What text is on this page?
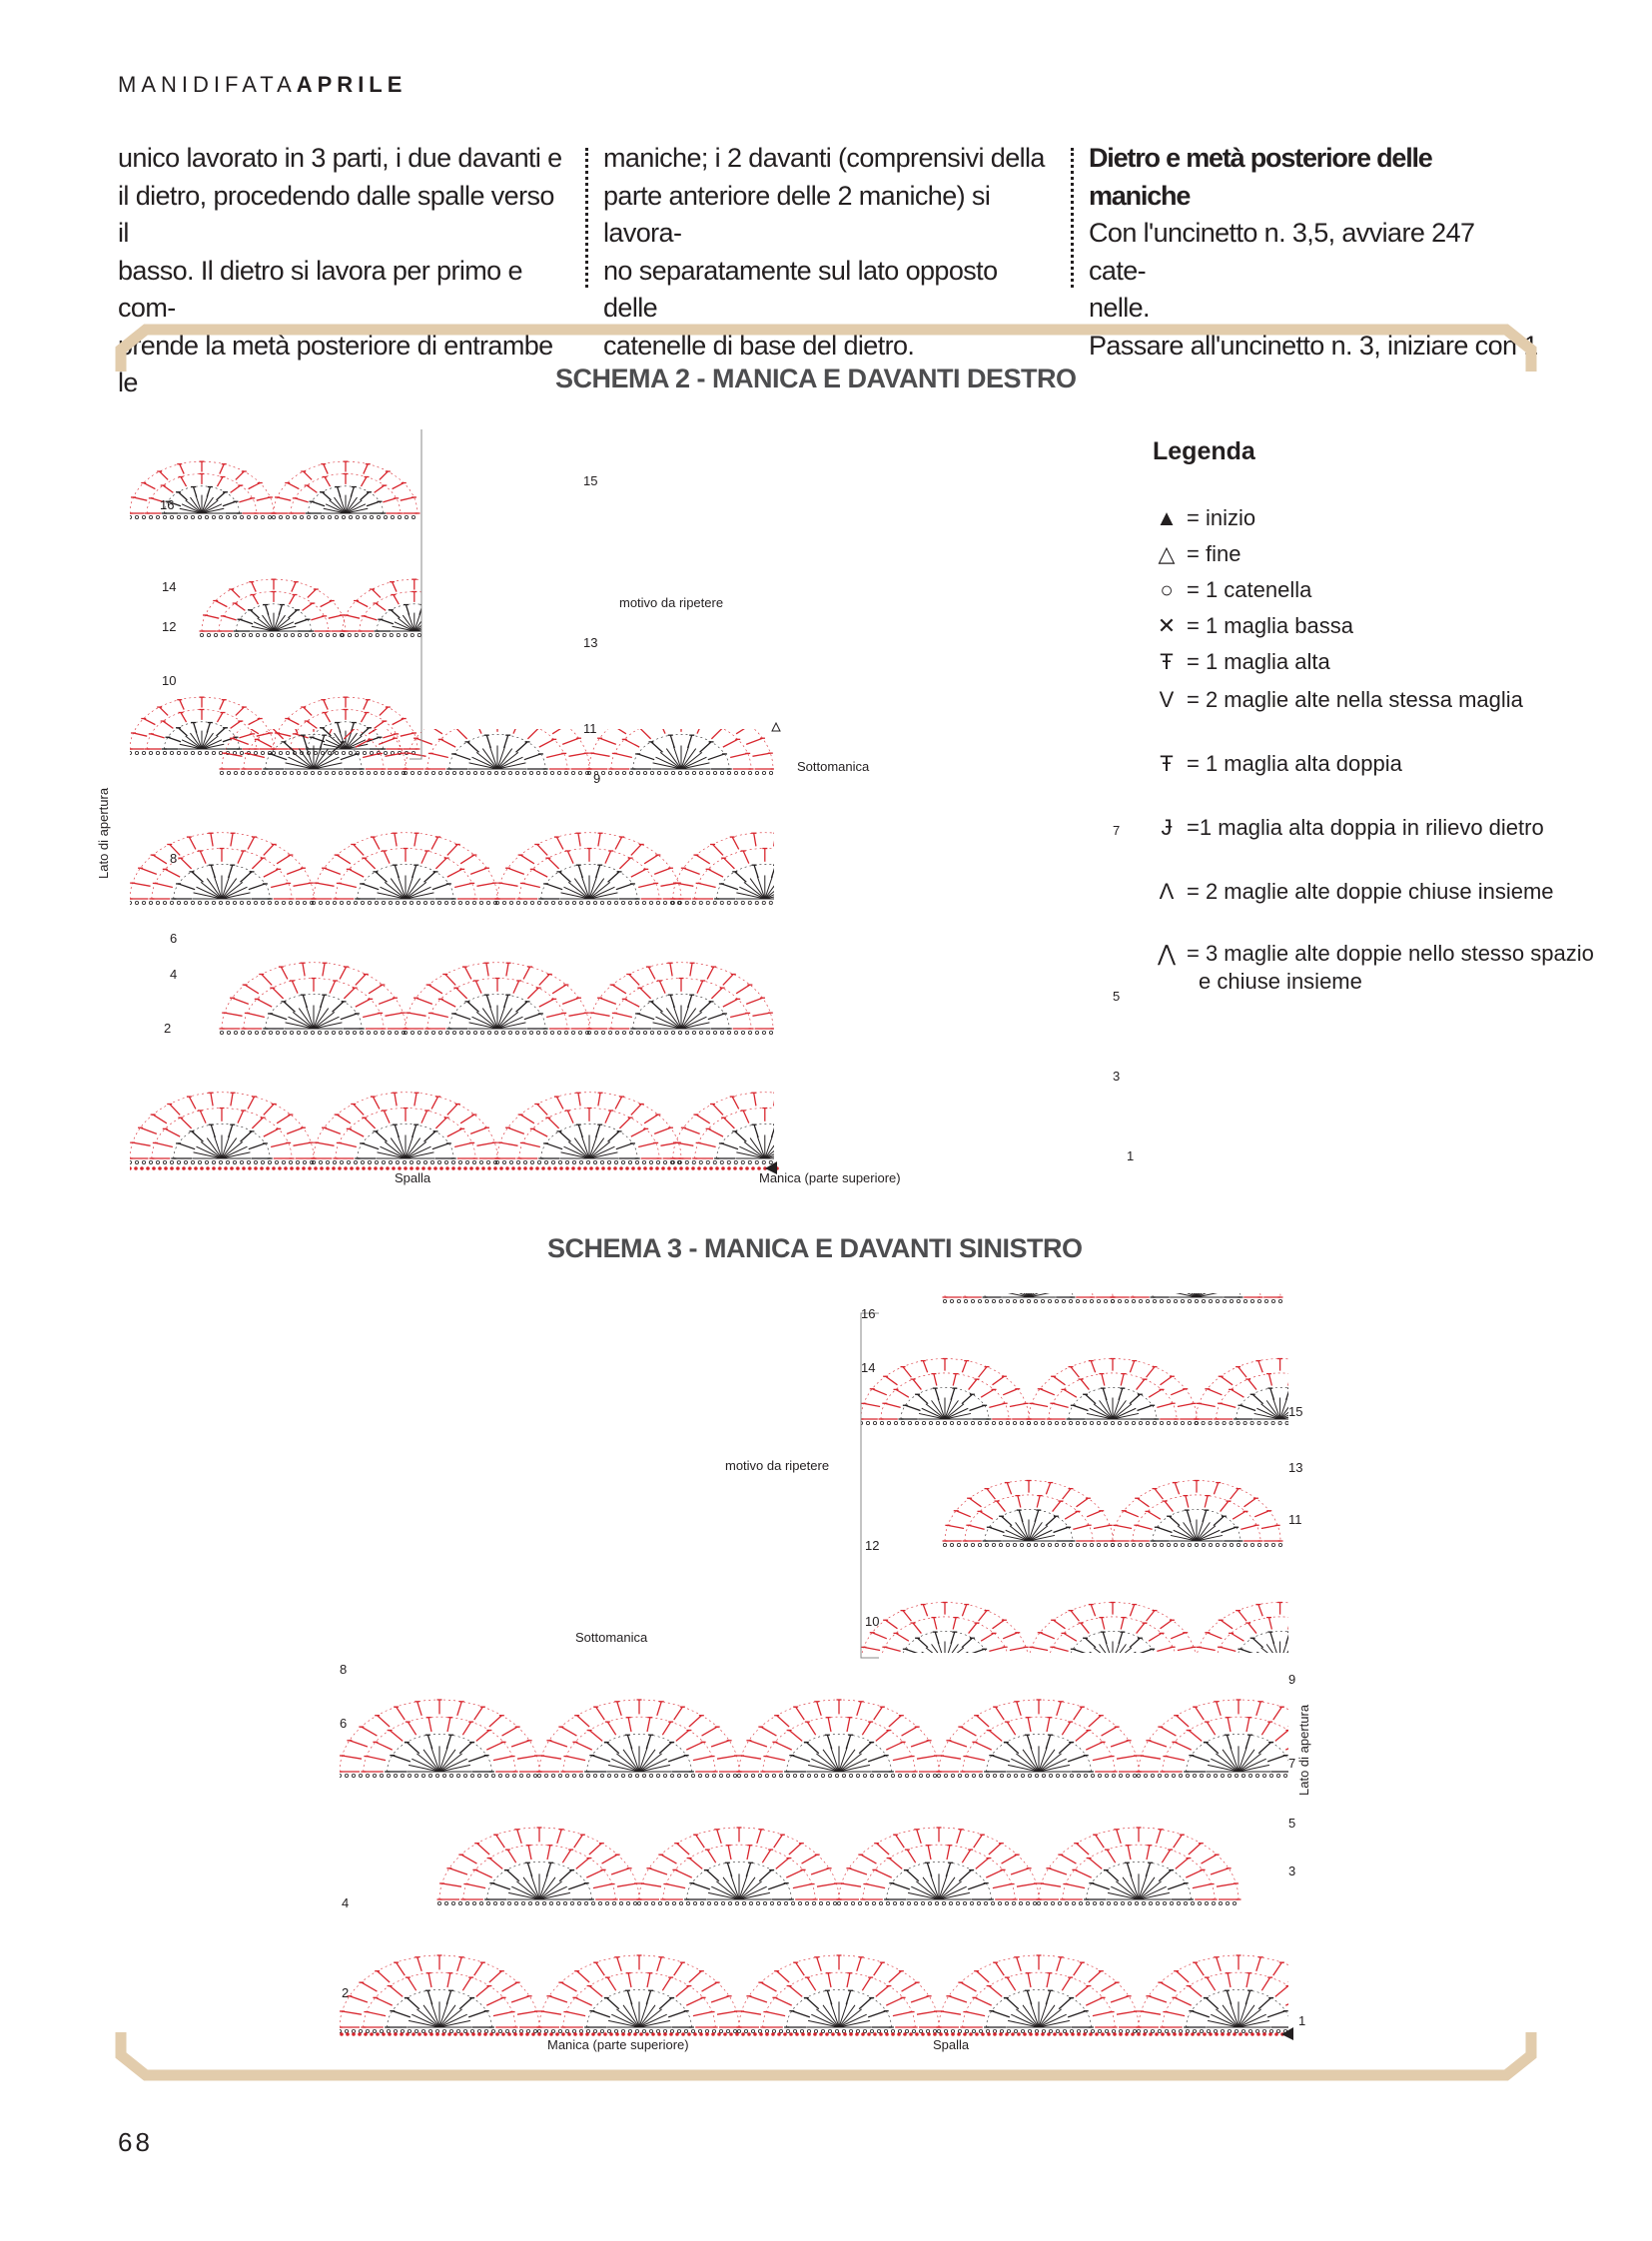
MANIDIFATAAPRILE

unico lavorato in 3 parti, i due davanti e

il dietro, procedendo dalle spalle verso il

basso. Il dietro si lavora per primo e com-

prende la metà posteriore di entrambe le

maniche; i 2 davanti (comprensivi della

parte anteriore delle 2 maniche) si lavora-

no separatamente sul lato opposto delle

catenelle di base del dietro.

Dietro e metà posteriore delle maniche

Con l'uncinetto n. 3,5, avviare 247 cate-

nelle.

Passare all'uncinetto n. 3, iniziare con 1

SCHEMA 2 - MANICA E DAVANTI DESTRO
SCHEMA 3 - MANICA E DAVANTI SINISTRO
motivo da ripetere
Sottomanica
Lato di apertura
Spalla	Manica (parte superiore)
16
14
12
10
8
6
4
2
15
13
11
9
7
5
3
1
Legenda
▲ = inizio
△ = fine
○ = 1 catenella
✕ = 1 maglia bassa
Ŧ = 1 maglia alta
V = 2 maglie alte nella stessa maglia
Ŧ = 1 maglia alta doppia
Ɉ =1 maglia alta doppia in rilievo dietro
Λ = 2 maglie alte doppie chiuse insieme
⋀ = 3 maglie alte doppie nello stesso spazio
e chiuse insieme
motivo da ripetere
Sottomanica
Lato di apertura
Manica (parte superiore)	Spalla
16
14
12
10
8
6
4
2
15
13
11
9
7
5
3
1
68
